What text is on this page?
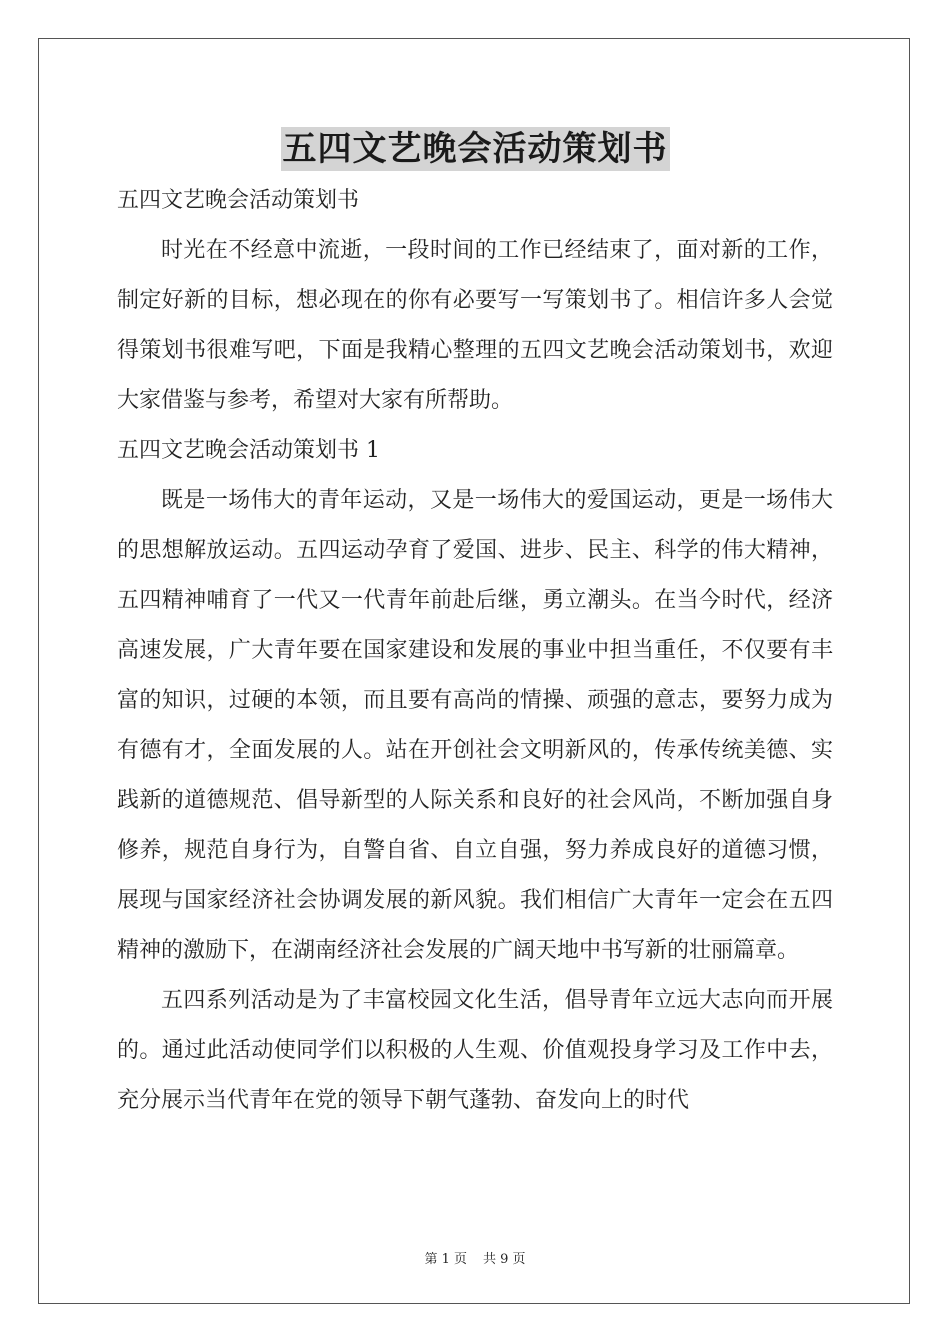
五四文艺晚会活动策划书

五四文艺晚会活动策划书

时光在不经意中流逝，一段时间的工作已经结束了，面对新的工作，制定好新的目标，想必现在的你有必要写一写策划书了。相信许多人会觉得策划书很难写吧，下面是我精心整理的五四文艺晚会活动策划书，欢迎大家借鉴与参考，希望对大家有所帮助。

五四文艺晚会活动策划书 1

既是一场伟大的青年运动，又是一场伟大的爱国运动，更是一场伟大的思想解放运动。五四运动孕育了爱国、进步、民主、科学的伟大精神，五四精神哺育了一代又一代青年前赴后继，勇立潮头。在当今时代，经济高速发展，广大青年要在国家建设和发展的事业中担当重任，不仅要有丰富的知识，过硬的本领，而且要有高尚的情操、顽强的意志，要努力成为有德有才，全面发展的人。站在开创社会文明新风的，传承传统美德、实践新的道德规范、倡导新型的人际关系和良好的社会风尚，不断加强自身修养，规范自身行为，自警自省、自立自强，努力养成良好的道德习惯，展现与国家经济社会协调发展的新风貌。我们相信广大青年一定会在五四精神的激励下，在湖南经济社会发展的广阔天地中书写新的壮丽篇章。

五四系列活动是为了丰富校园文化生活，倡导青年立远大志向而开展的。通过此活动使同学们以积极的人生观、价值观投身学习及工作中去，充分展示当代青年在党的领导下朝气蓬勃、奋发向上的时代

第 1 页 共 9 页
